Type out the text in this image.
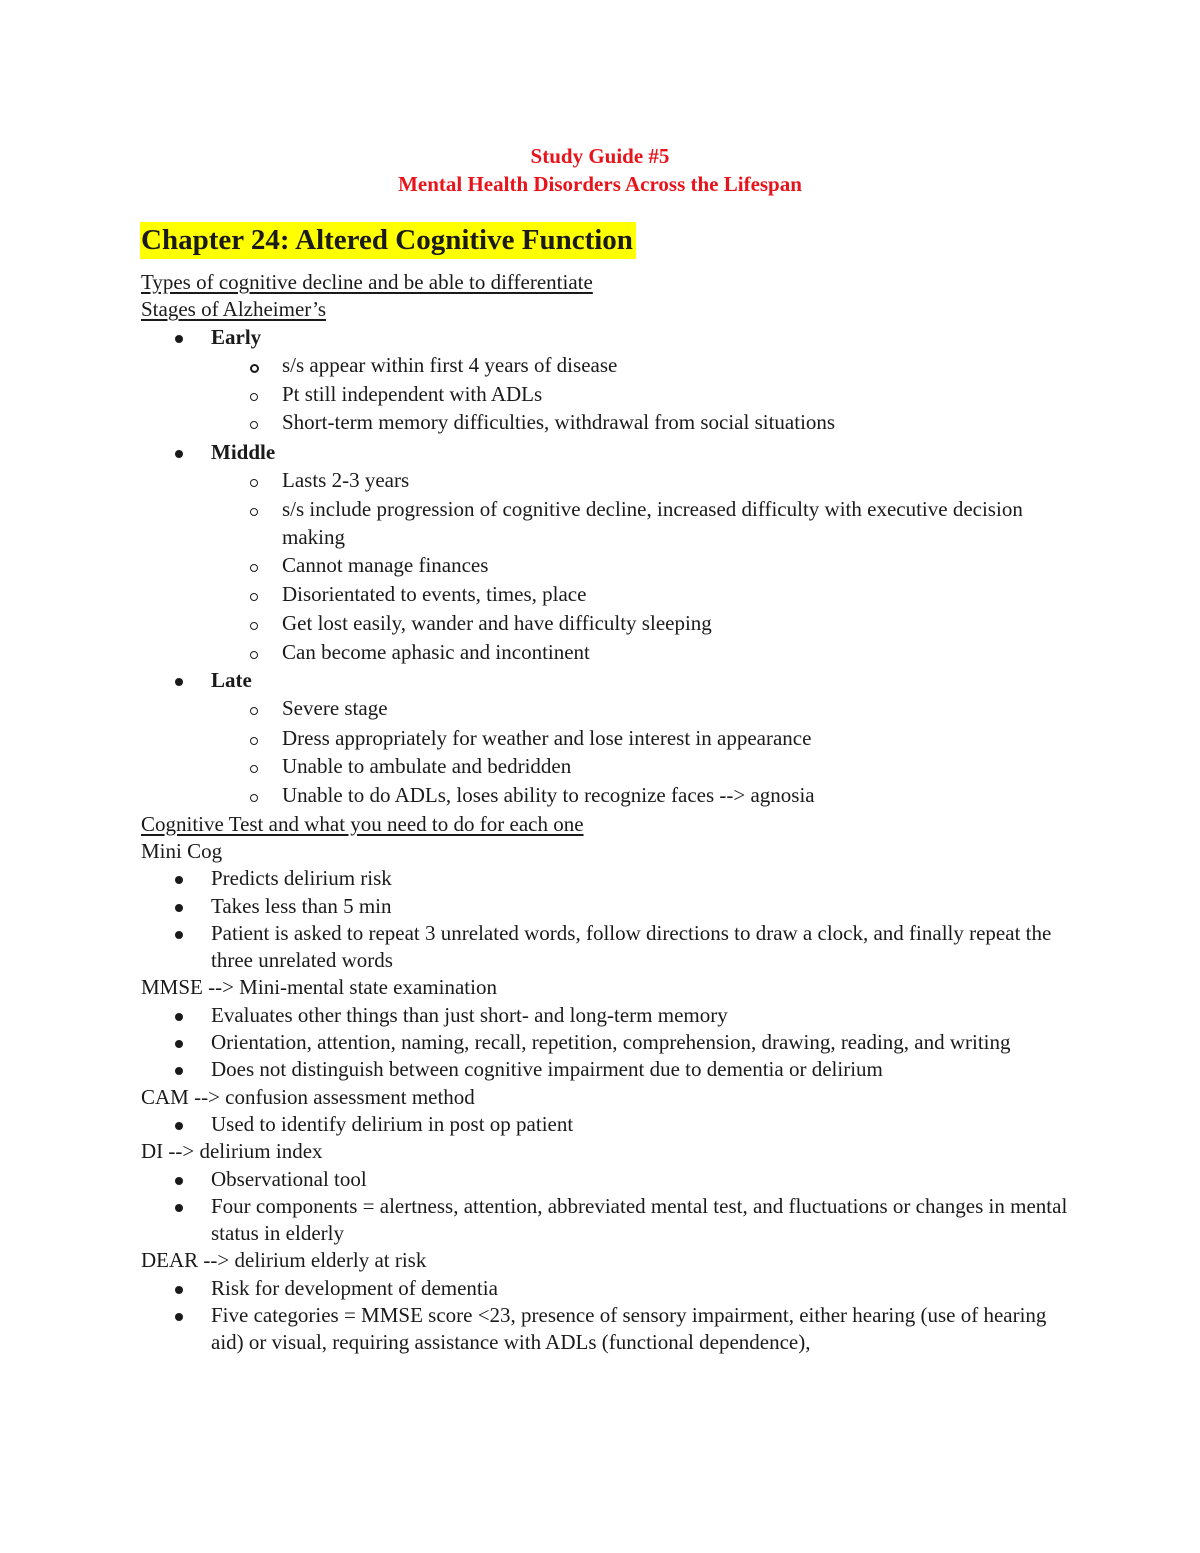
Study Guide #5
Mental Health Disorders Across the Lifespan
Chapter 24: Altered Cognitive Function
Types of cognitive decline and be able to differentiate
Stages of Alzheimer’s
Early
s/s appear within first 4 years of disease
Pt still independent with ADLs
Short-term memory difficulties, withdrawal from social situations
Middle
Lasts 2-3 years
s/s include progression of cognitive decline, increased difficulty with executive decision making
Cannot manage finances
Disorientated to events, times, place
Get lost easily, wander and have difficulty sleeping
Can become aphasic and incontinent
Late
Severe stage
Dress appropriately for weather and lose interest in appearance
Unable to ambulate and bedridden
Unable to do ADLs, loses ability to recognize faces --> agnosia
Cognitive Test and what you need to do for each one
Mini Cog
Predicts delirium risk
Takes less than 5 min
Patient is asked to repeat 3 unrelated words, follow directions to draw a clock, and finally repeat the three unrelated words
MMSE --> Mini-mental state examination
Evaluates other things than just short- and long-term memory
Orientation, attention, naming, recall, repetition, comprehension, drawing, reading, and writing
Does not distinguish between cognitive impairment due to dementia or delirium
CAM --> confusion assessment method
Used to identify delirium in post op patient
DI --> delirium index
Observational tool
Four components = alertness, attention, abbreviated mental test, and fluctuations or changes in mental status in elderly
DEAR --> delirium elderly at risk
Risk for development of dementia
Five categories = MMSE score <23, presence of sensory impairment, either hearing (use of hearing aid) or visual, requiring assistance with ADLs (functional dependence),
